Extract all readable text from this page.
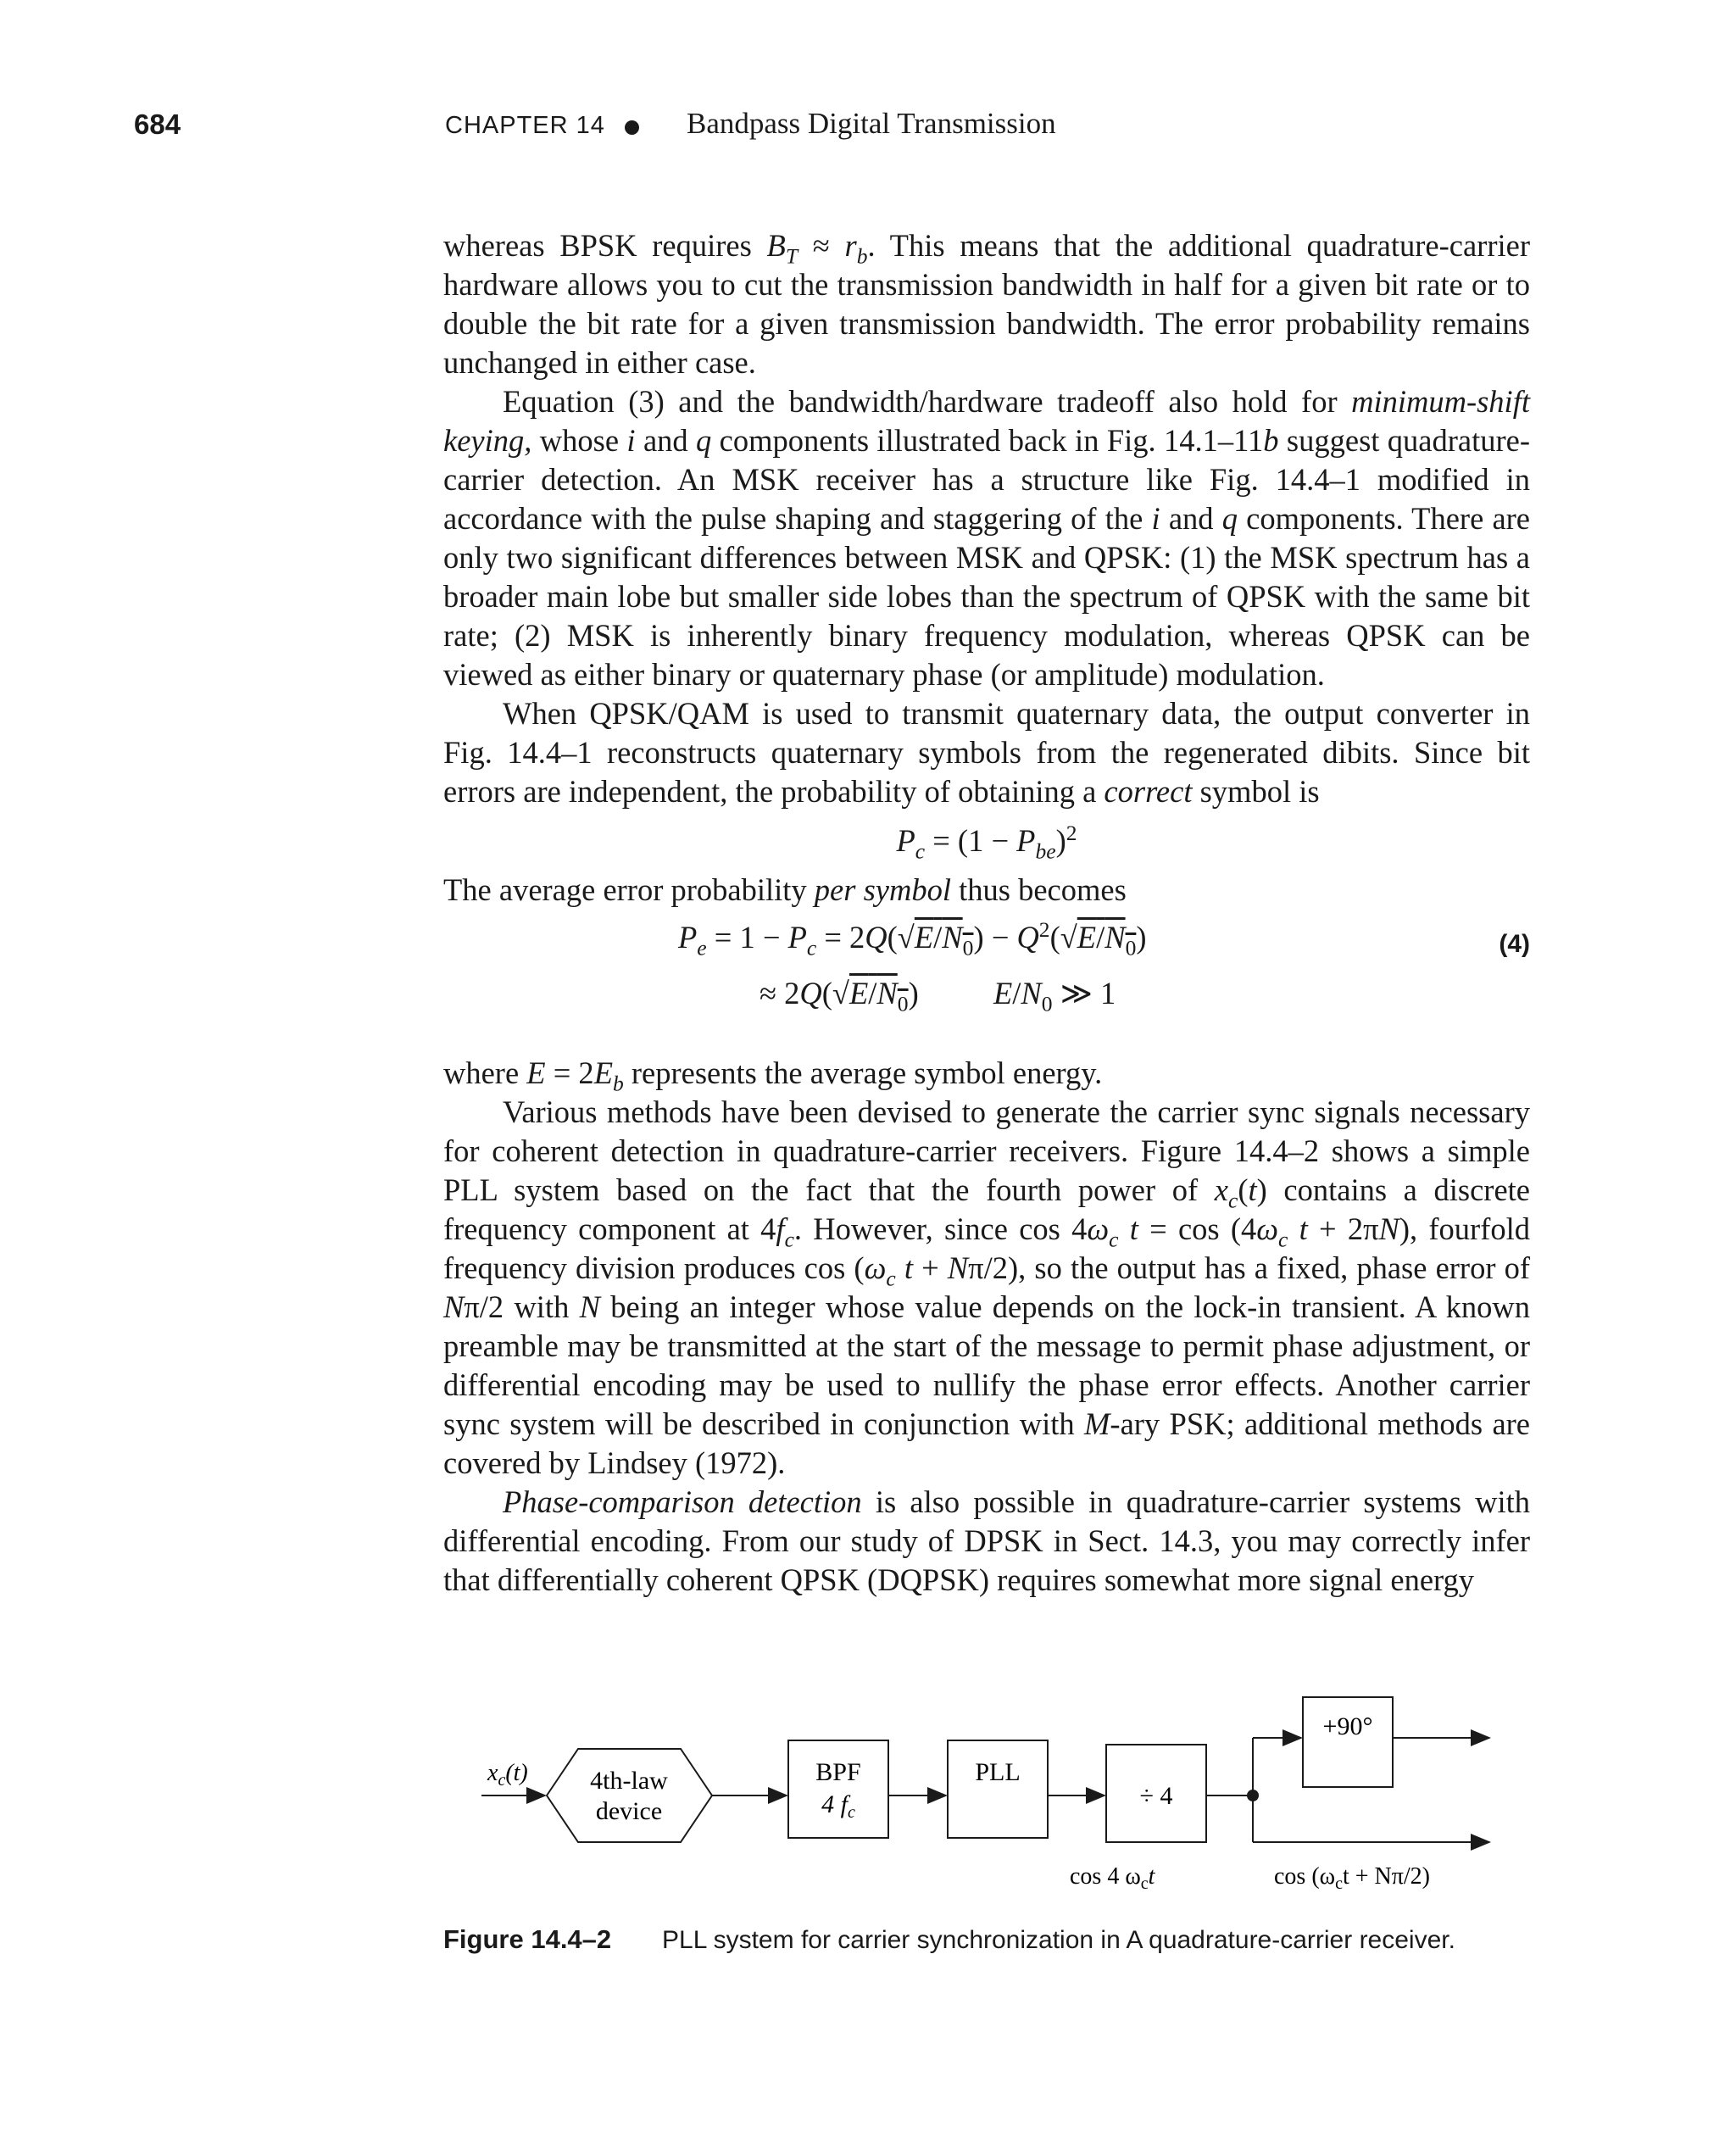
684	CHAPTER 14	Bandpass Digital Transmission

whereas BPSK requires $B_T \approx r_b$. This means that the additional quadrature-carrier hardware allows you to cut the transmission bandwidth in half for a given bit rate or to double the bit rate for a given transmission bandwidth. The error probability remains unchanged in either case.

Equation (3) and the bandwidth/hardware tradeoff also hold for minimum-shift keying, whose i and q components illustrated back in Fig. 14.1–11b suggest quadrature-carrier detection. An MSK receiver has a structure like Fig. 14.4–1 modified in accordance with the pulse shaping and staggering of the i and q components. There are only two significant differences between MSK and QPSK: (1) the MSK spectrum has a broader main lobe but smaller side lobes than the spectrum of QPSK with the same bit rate; (2) MSK is inherently binary frequency modulation, whereas QPSK can be viewed as either binary or quaternary phase (or amplitude) modulation.

When QPSK/QAM is used to transmit quaternary data, the output converter in Fig. 14.4–1 reconstructs quaternary symbols from the regenerated dibits. Since bit errors are independent, the probability of obtaining a correct symbol is

$P_c = (1 - P_{be})^2$

The average error probability per symbol thus becomes

$P_e = 1 - P_c = 2Q(√E/N_0) - Q^2(√E/N_0)$
≈ $2Q(√E/N_0)$  $E/N_0$ ≫ 1
(4)

where $E = 2E_b$ represents the average symbol energy.

Various methods have been devised to generate the carrier sync signals necessary for coherent detection in quadrature-carrier receivers. Figure 14.4–2 shows a simple PLL system based on the fact that the fourth power of $x_c(t)$ contains a discrete frequency component at $4f_c$. However, since $\cos 4\omega_c$ $t = \cos (4\omega_c$ t + 2πN), fourfold frequency division produces $\cos (\omega_c$ t + Nπ/2), so the output has a fixed, phase error of Nπ/2 with N being an integer whose value depends on the lock-in transient. A known preamble may be transmitted at the start of the message to permit phase adjustment, or differential encoding may be used to nullify the phase error effects. Another carrier sync system will be described in conjunction with M-ary PSK; additional methods are covered by Lindsey (1972).

Phase-comparison detection is also possible in quadrature-carrier systems with differential encoding. From our study of DPSK in Sect. 14.3, you may correctly infer that differentially coherent QPSK (DQPSK) requires somewhat more signal energy

$x_c(t)$ 4th-law
device
BPF
4 $f_c$
PLL
÷ 4
+90°
cos 4 $\omega_ct$	$\cos (\omega_ct + N\pi/2)$
Figure 14.4–2 PLL system for carrier synchronization in A quadrature-carrier receiver.
